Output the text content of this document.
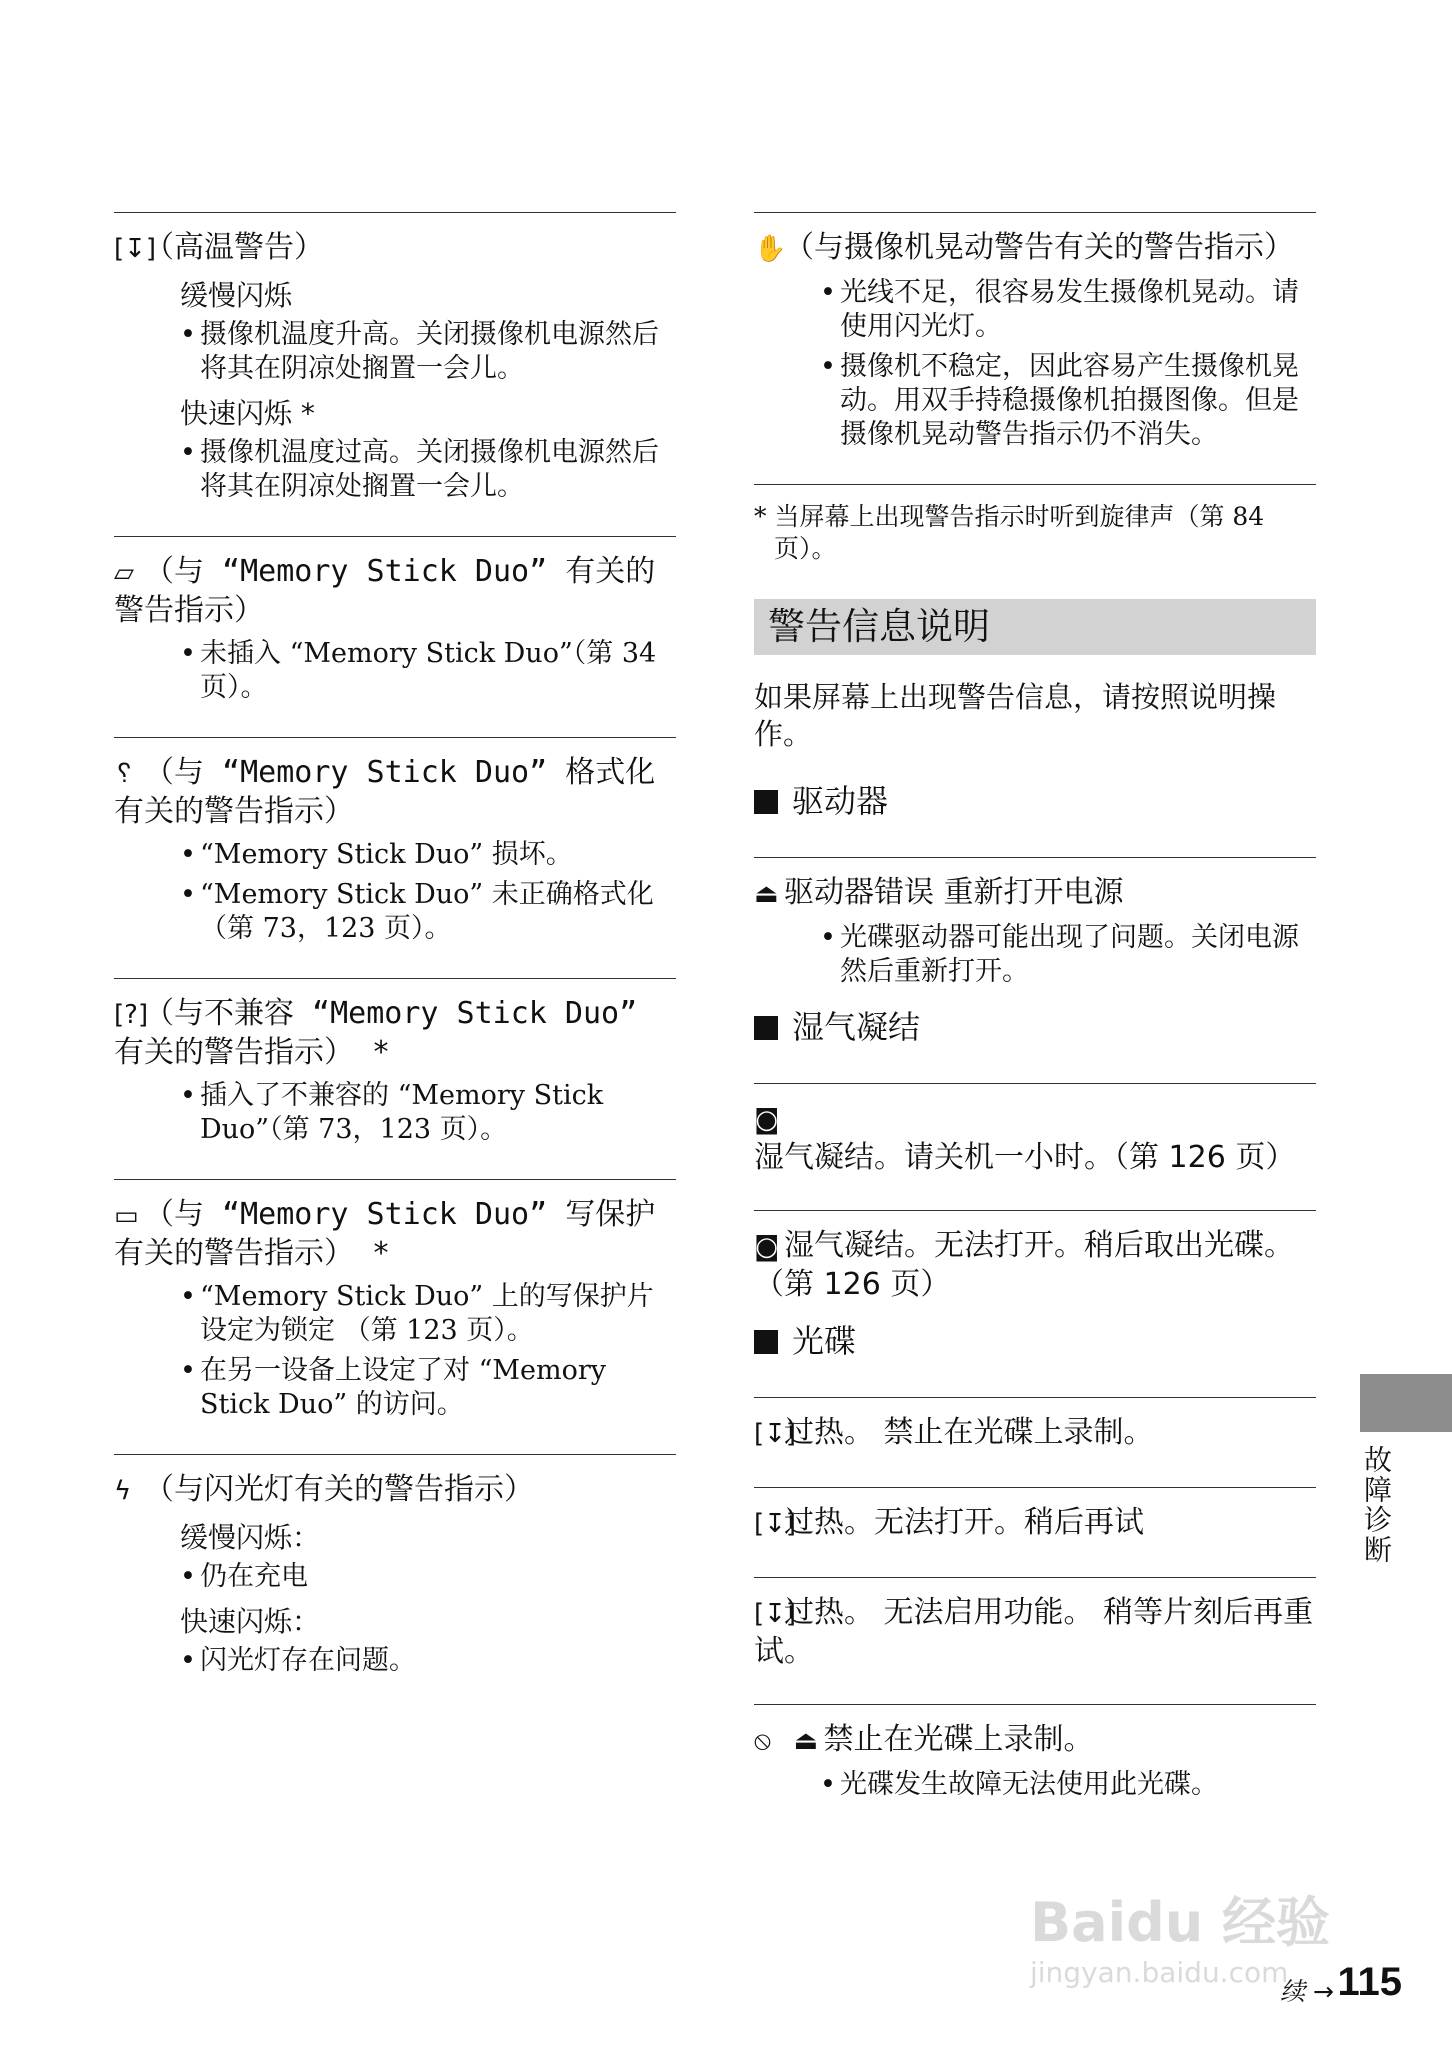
[↧]（高温警告）
缓慢闪烁
• 摄像机温度升高。关闭摄像机电源然后将其在阴凉处搁置一会儿。
快速闪烁 *
• 摄像机温度过高。关闭摄像机电源然后将其在阴凉处搁置一会儿。
▱ （与 “Memory Stick Duo” 有关的警告指示）
• 未插入 “Memory Stick Duo”（第 34 页）。
␦ （与 “Memory Stick Duo” 格式化有关的警告指示）
• “Memory Stick Duo” 损坏。
• “Memory Stick Duo” 未正确格式化（第 73，123 页）。
[?]（与不兼容 “Memory Stick Duo” 有关的警告指示） *
• 插入了不兼容的 “Memory Stick Duo”（第 73，123 页）。
▭ （与 “Memory Stick Duo” 写保护有关的警告指示） *
• “Memory Stick Duo” 上的写保护片设定为锁定 （第 123 页）。
• 在另一设备上设定了对 “Memory Stick Duo” 的访问。
ϟ （与闪光灯有关的警告指示）
缓慢闪烁：
• 仍在充电
快速闪烁：
• 闪光灯存在问题。
✋（与摄像机晃动警告有关的警告指示）
• 光线不足，很容易发生摄像机晃动。请使用闪光灯。
• 摄像机不稳定，因此容易产生摄像机晃动。用双手持稳摄像机拍摄图像。但是摄像机晃动警告指示仍不消失。
* 当屏幕上出现警告指示时听到旋律声（第 84 页）。
警告信息说明
如果屏幕上出现警告信息，请按照说明操作。
驱动器
⏏ 驱动器错误 重新打开电源
• 光碟驱动器可能出现了问题。关闭电源然后重新打开。
湿气凝结
◙湿气凝结。请关机一小时。（第 126 页）
◙ 湿气凝结。无法打开。稍后取出光碟。（第 126 页）
光碟
[↧]过热。 禁止在光碟上录制。
[↧]过热。无法打开。稍后再试
[↧]过热。 无法启用功能。 稍等片刻后再重试。
⦸ ⏏ 禁止在光碟上录制。
• 光碟发生故障无法使用此光碟。
故障诊断
Baidu 经验
jingyan.baidu.com
续 → 115
